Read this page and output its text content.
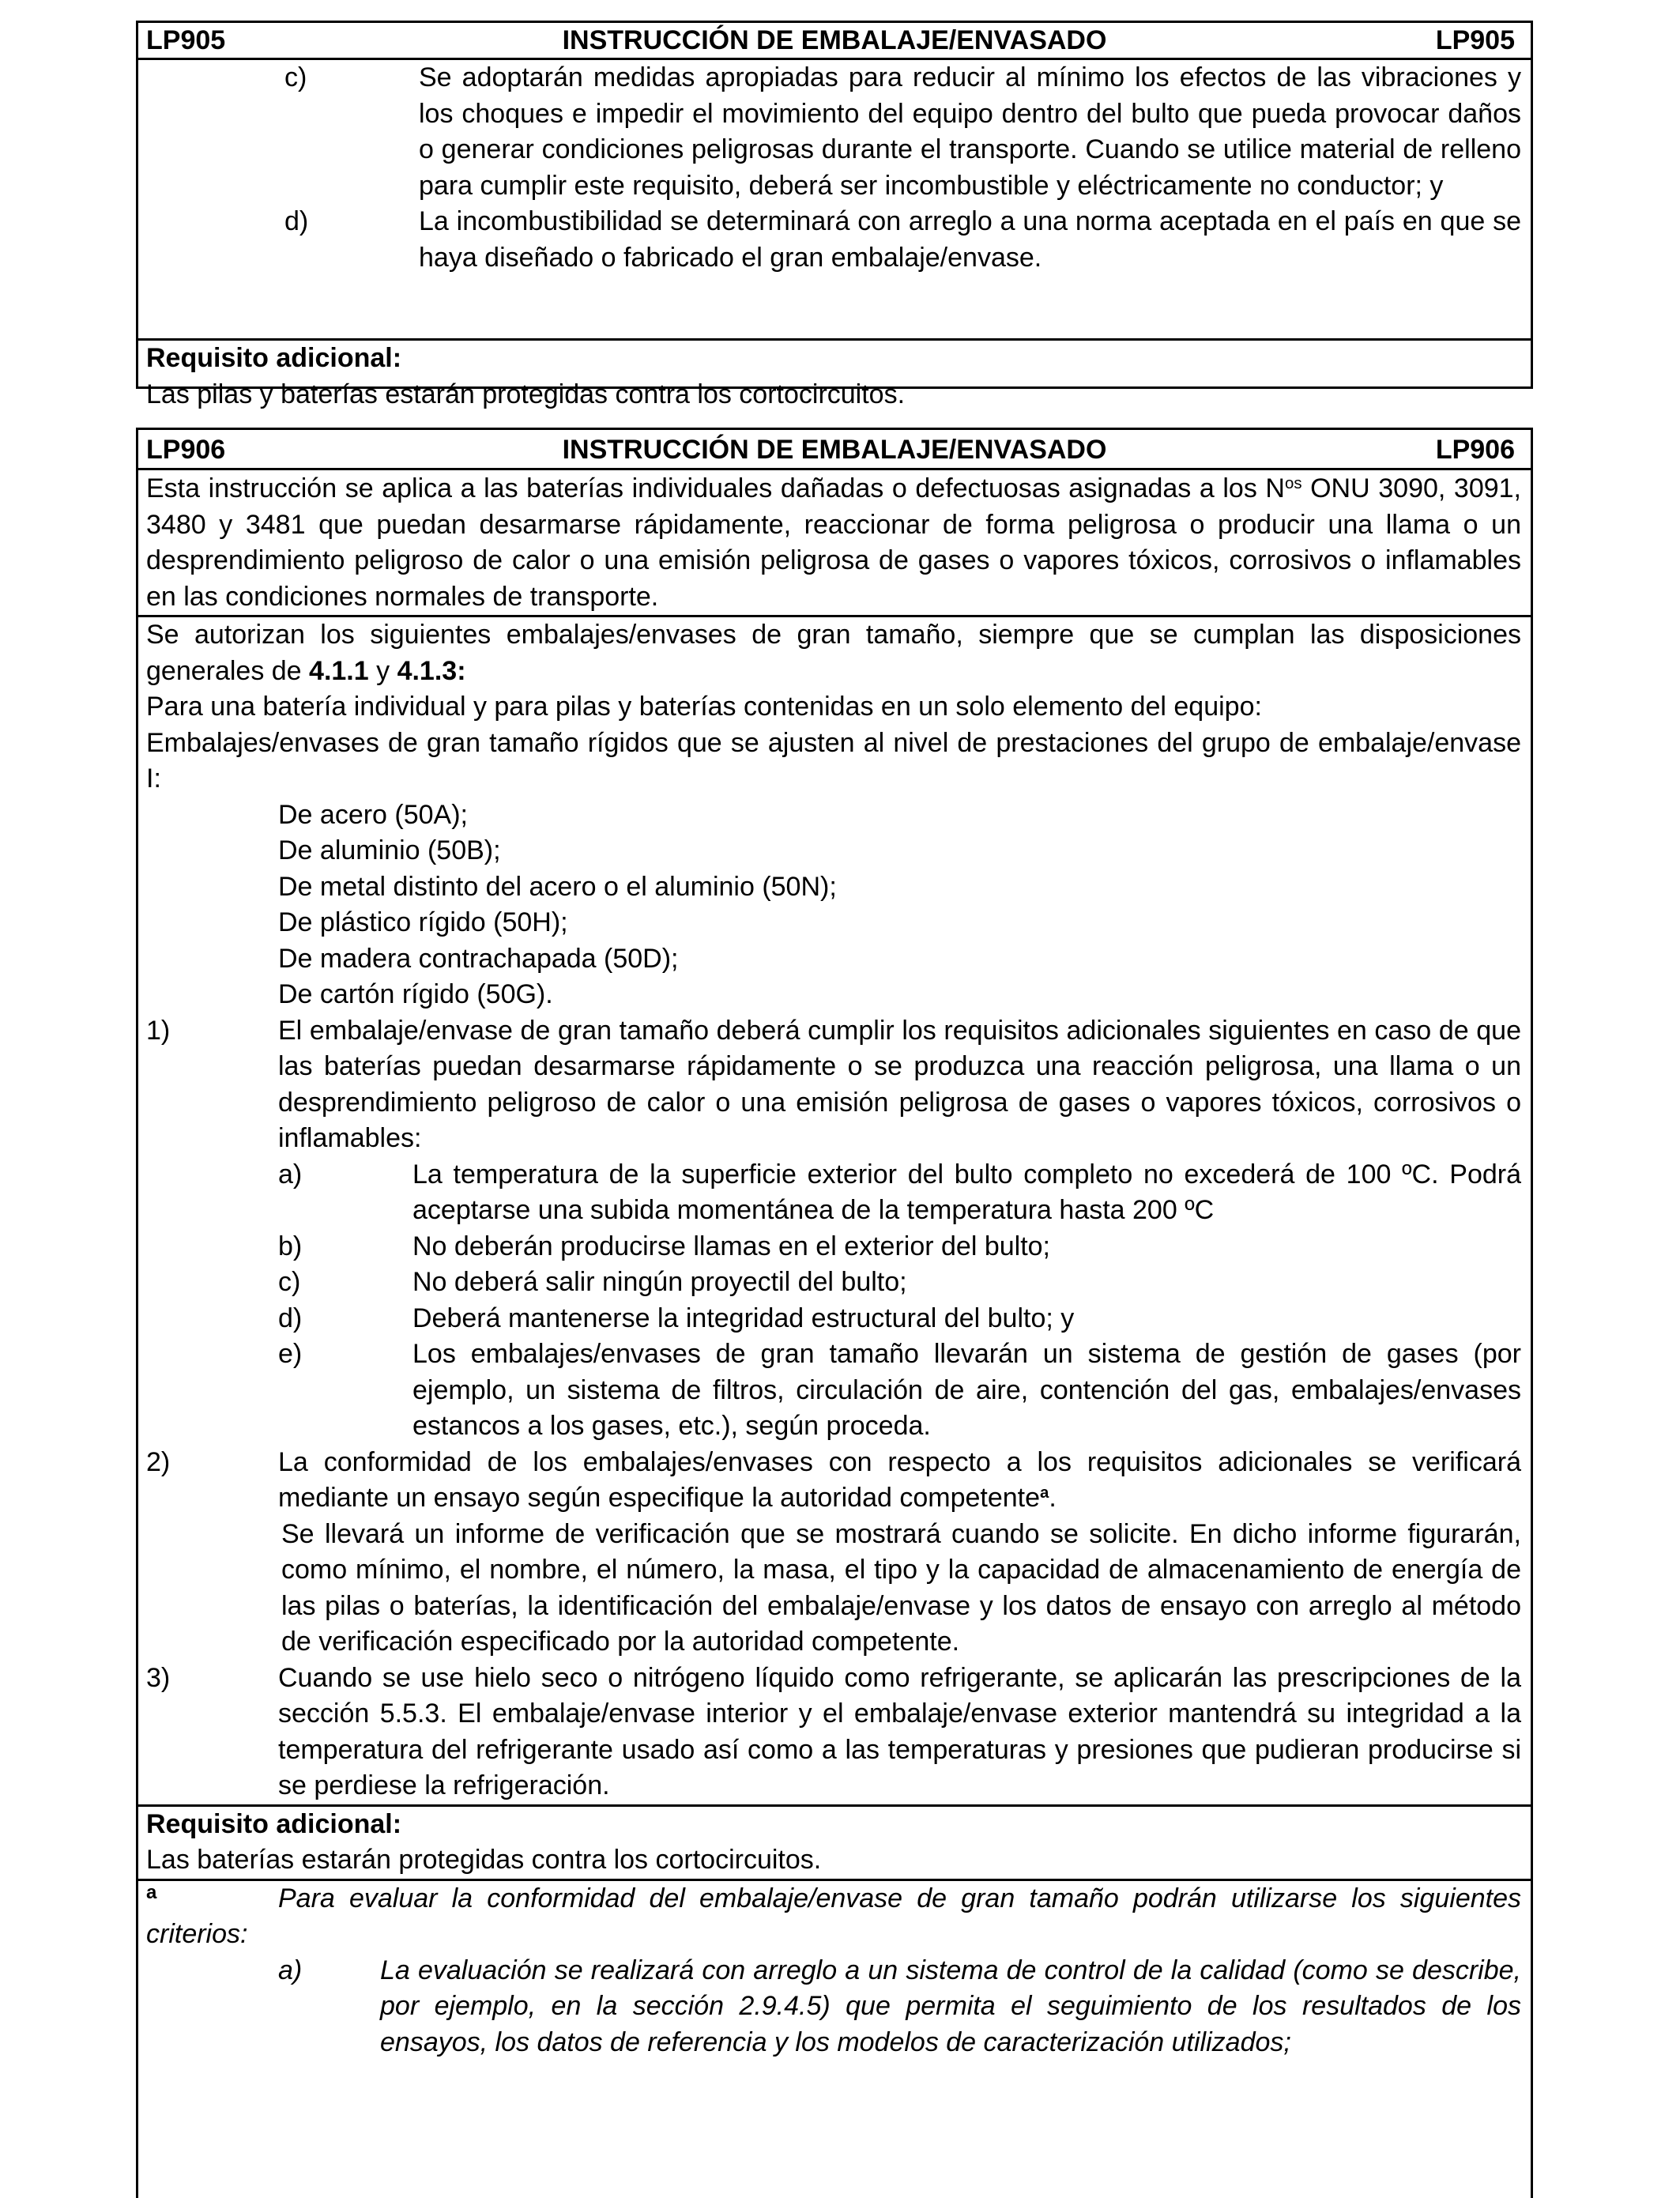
LP905	INSTRUCCIÓN DE EMBALAJE/ENVASADO	LP905
c)	Se adoptarán medidas apropiadas para reducir al mínimo los efectos de las vibraciones y los choques e impedir el movimiento del equipo dentro del bulto que pueda provocar daños o generar condiciones peligrosas durante el transporte. Cuando se utilice material de relleno para cumplir este requisito, deberá ser incombustible y eléctricamente no conductor; y
d)	La incombustibilidad se determinará con arreglo a una norma aceptada en el país en que se haya diseñado o fabricado el gran embalaje/envase.
Requisito adicional:
Las pilas y baterías estarán protegidas contra los cortocircuitos.
LP906	INSTRUCCIÓN DE EMBALAJE/ENVASADO	LP906
Esta instrucción se aplica a las baterías individuales dañadas o defectuosas asignadas a los $N^{os}$ ONU 3090, 3091, 3480 y 3481 que puedan desarmarse rápidamente, reaccionar de forma peligrosa o producir una llama o un desprendimiento peligroso de calor o una emisión peligrosa de gases o vapores tóxicos, corrosivos o inflamables en las condiciones normales de transporte.
Se autorizan los siguientes embalajes/envases de gran tamaño, siempre que se cumplan las disposiciones generales de 4.1.1 y 4.1.3:
Para una batería individual y para pilas y baterías contenidas en un solo elemento del equipo:
Embalajes/envases de gran tamaño rígidos que se ajusten al nivel de prestaciones del grupo de embalaje/envase I:
De acero (50A);
De aluminio (50B);
De metal distinto del acero o el aluminio (50N);
De plástico rígido (50H);
De madera contrachapada (50D);
De cartón rígido (50G).
1)	El embalaje/envase de gran tamaño deberá cumplir los requisitos adicionales siguientes en caso de que las baterías puedan desarmarse rápidamente o se produzca una reacción peligrosa, una llama o un desprendimiento peligroso de calor o una emisión peligrosa de gases o vapores tóxicos, corrosivos o inflamables:
a)	La temperatura de la superficie exterior del bulto completo no excederá de 100 ºC. Podrá aceptarse una subida momentánea de la temperatura hasta 200 ºC
b)	No deberán producirse llamas en el exterior del bulto;
c)	No deberá salir ningún proyectil del bulto;
d)	Deberá mantenerse la integridad estructural del bulto; y
e)	Los embalajes/envases de gran tamaño llevarán un sistema de gestión de gases (por ejemplo, un sistema de filtros, circulación de aire, contención del gas, embalajes/envases estancos a los gases, etc.), según proceda.
2)	La conformidad de los embalajes/envases con respecto a los requisitos adicionales se verificará mediante un ensayo según especifique la autoridad competente$^a$.
Se llevará un informe de verificación que se mostrará cuando se solicite. En dicho informe figurarán, como mínimo, el nombre, el número, la masa, el tipo y la capacidad de almacenamiento de energía de las pilas o baterías, la identificación del embalaje/envase y los datos de ensayo con arreglo al método de verificación especificado por la autoridad competente.
3)	Cuando se use hielo seco o nitrógeno líquido como refrigerante, se aplicarán las prescripciones de la sección 5.5.3. El embalaje/envase interior y el embalaje/envase exterior mantendrá su integridad a la temperatura del refrigerante usado así como a las temperaturas y presiones que pudieran producirse si se perdiese la refrigeración.
Requisito adicional:
Las baterías estarán protegidas contra los cortocircuitos.
a	Para evaluar la conformidad del embalaje/envase de gran tamaño podrán utilizarse los siguientes criterios:
a)	La evaluación se realizará con arreglo a un sistema de control de la calidad (como se describe, por ejemplo, en la sección 2.9.4.5) que permita el seguimiento de los resultados de los ensayos, los datos de referencia y los modelos de caracterización utilizados;
